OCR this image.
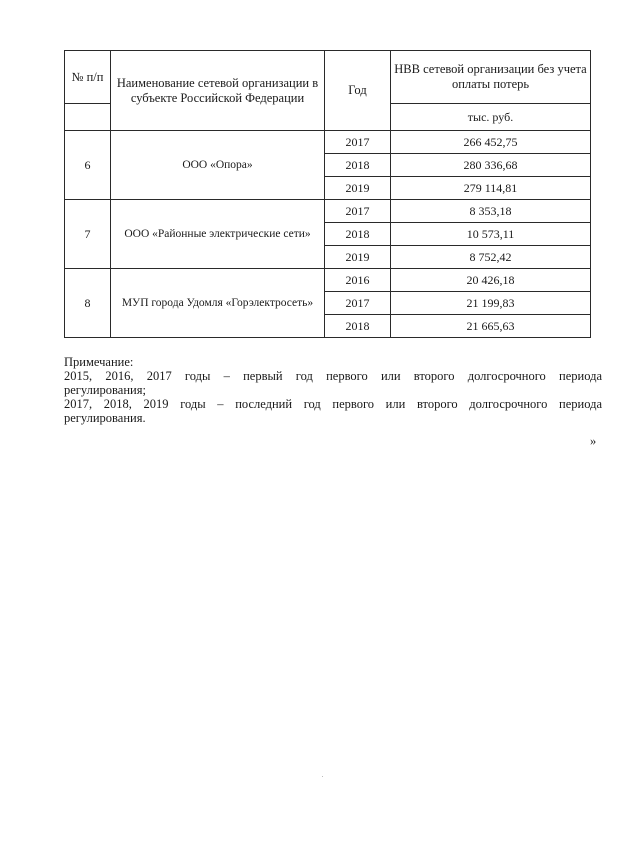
№ п/п	Наименование сетевой организации в субъекте Российской Федерации	Год	НВВ сетевой организации без учета оплаты потерь
			тыс. руб.

6	ООО «Опора»	2017	266 452,75
		2018	280 336,68
		2019	279 114,81
7	ООО «Районные электрические сети»	2017	8 353,18
		2018	10 573,11
		2019	8 752,42
8	МУП города Удомля «Горэлектросеть»	2016	20 426,18
		2017	21 199,83
		2018	21 665,63

Примечание:

2015, 2016, 2017 годы – первый год первого или второго долгосрочного периода

регулирования;

2017, 2018, 2019 годы – последний год первого или второго долгосрочного периода

регулирования.

»
